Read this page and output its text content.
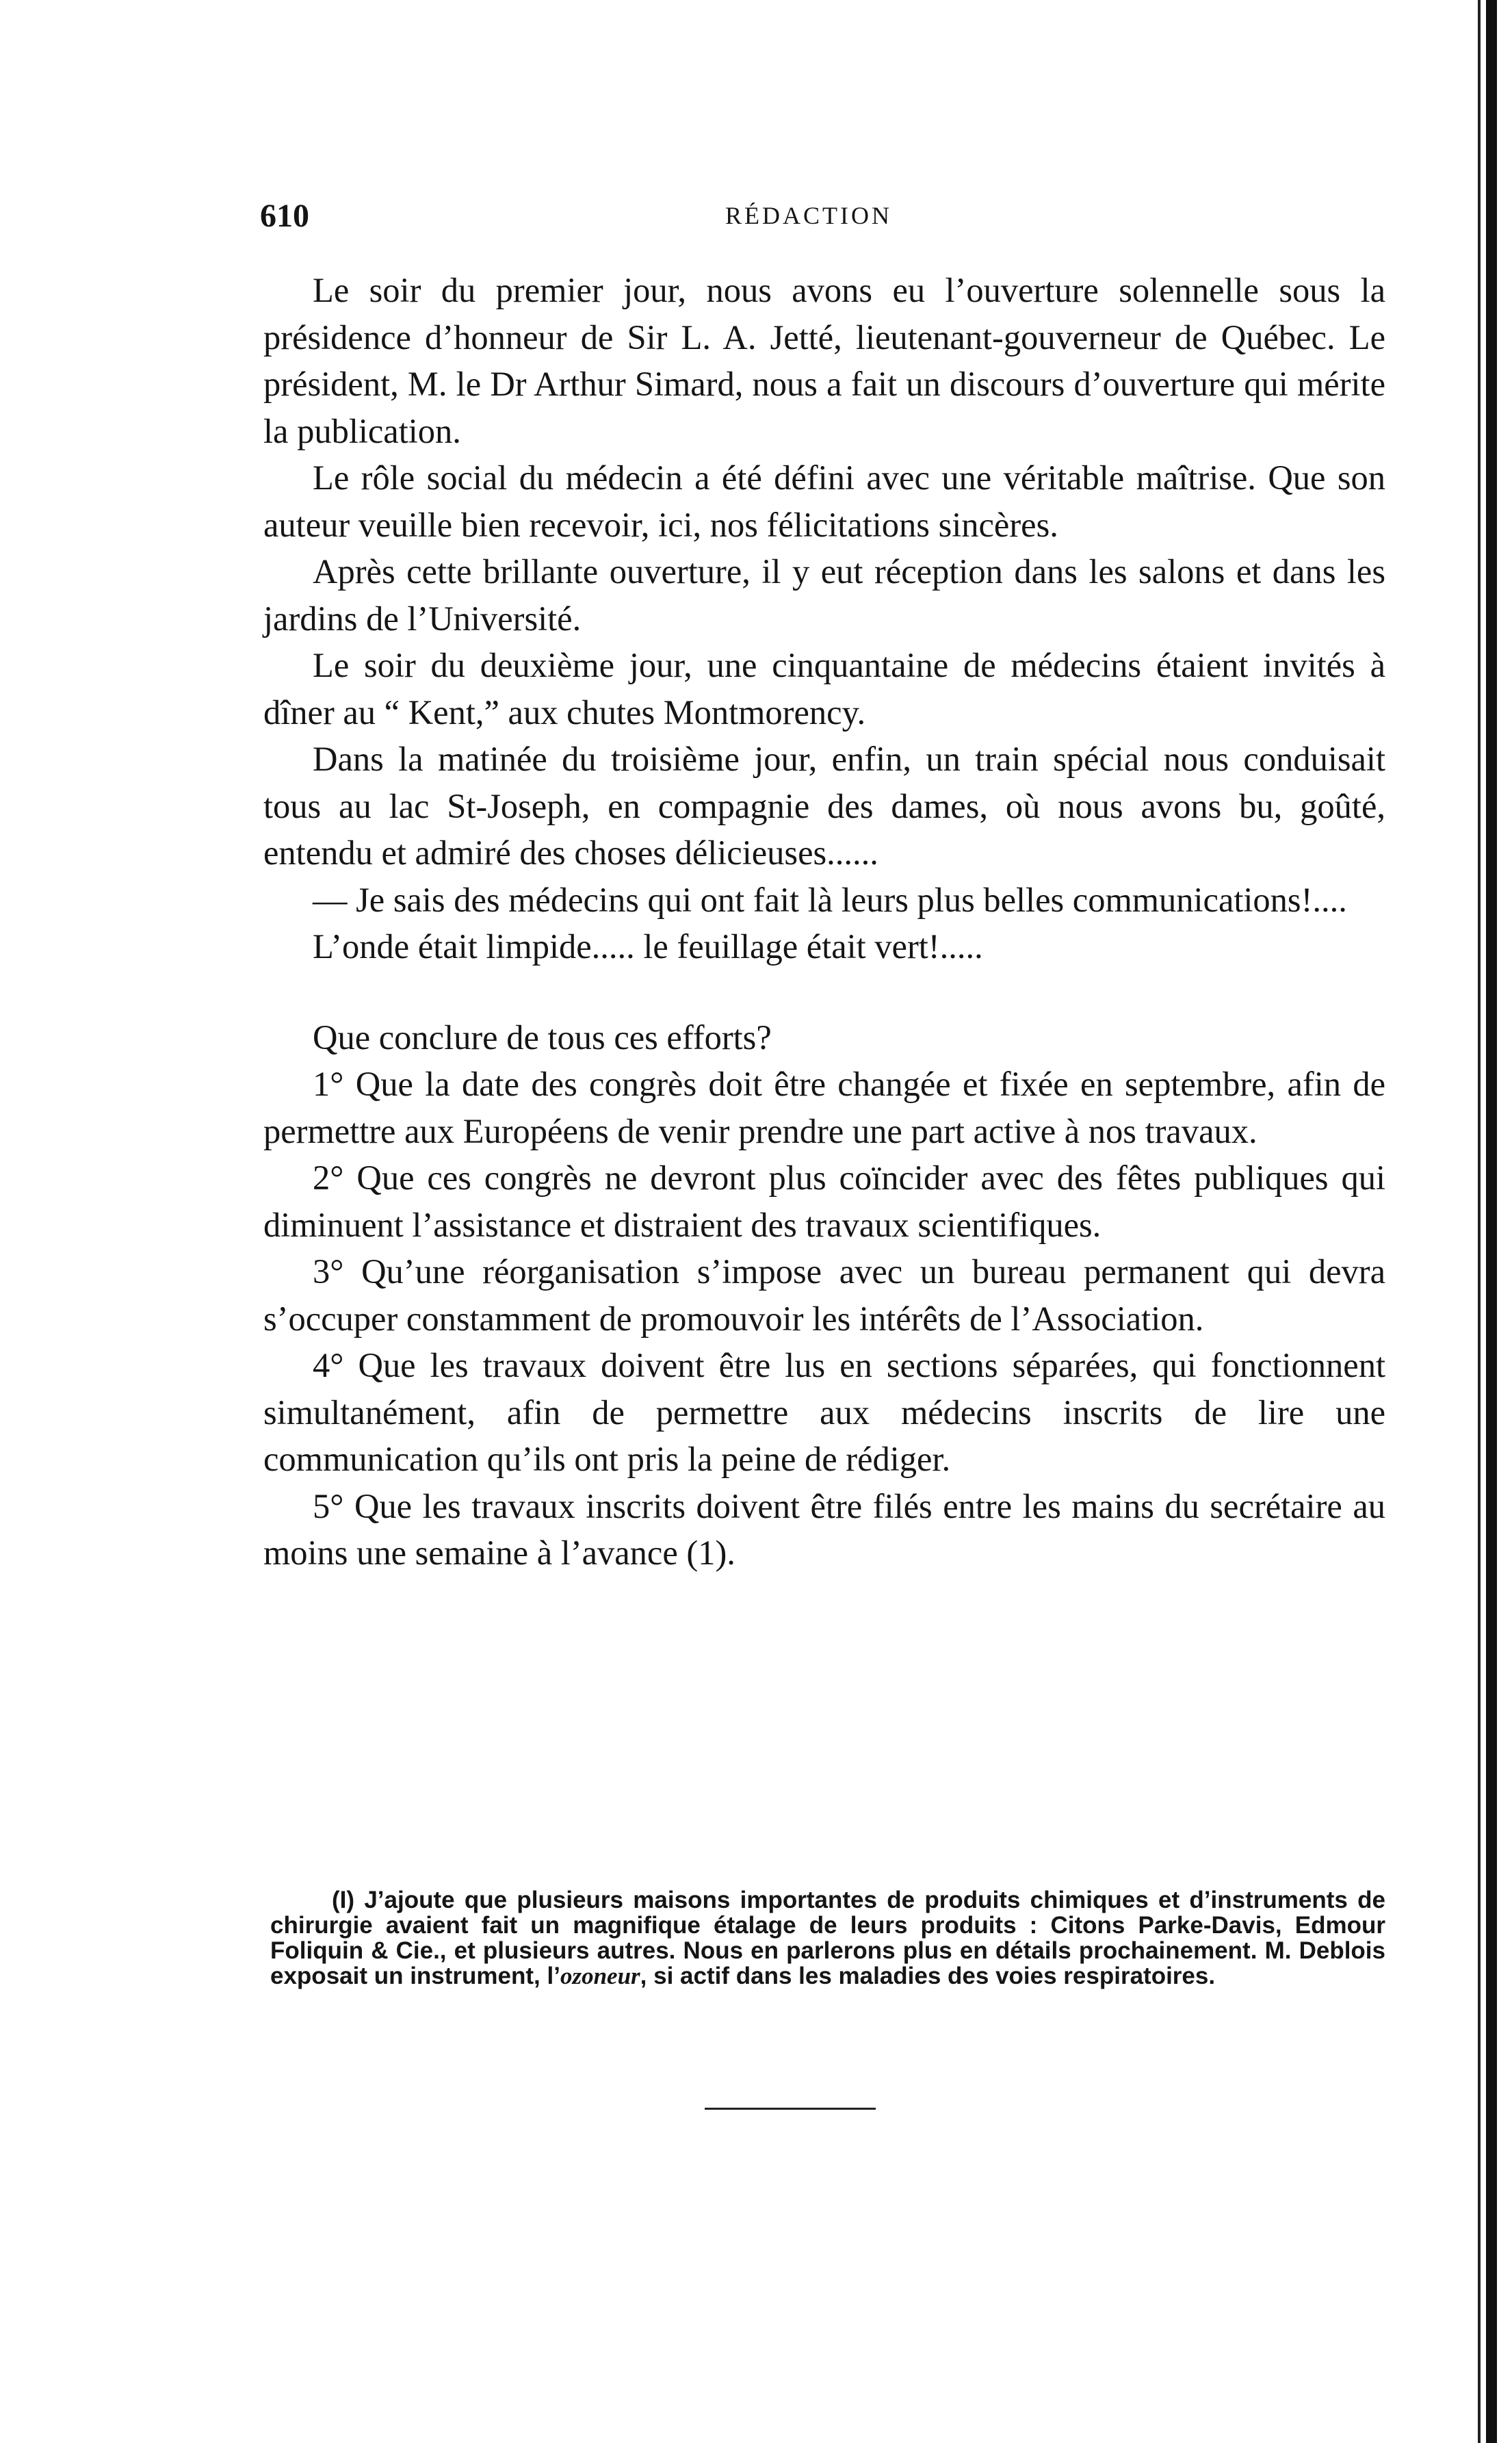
610	RÉDACTION

Le soir du premier jour, nous avons eu l’ouverture solennelle sous la présidence d’honneur de Sir L. A. Jetté, lieutenant-gouverneur de Québec. Le président, M. le Dr Arthur Simard, nous a fait un discours d’ouverture qui mérite la publication.

Le rôle social du médecin a été défini avec une véritable maîtrise. Que son auteur veuille bien recevoir, ici, nos félicitations sincères.

Après cette brillante ouverture, il y eut réception dans les salons et dans les jardins de l’Université.

Le soir du deuxième jour, une cinquantaine de médecins étaient invités à dîner au “ Kent,” aux chutes Montmorency.

Dans la matinée du troisième jour, enfin, un train spécial nous conduisait tous au lac St-Joseph, en compagnie des dames, où nous avons bu, goûté, entendu et admiré des choses délicieuses......

— Je sais des médecins qui ont fait là leurs plus belles communications!....

L’onde était limpide..... le feuillage était vert!.....

Que conclure de tous ces efforts?

1° Que la date des congrès doit être changée et fixée en septembre, afin de permettre aux Européens de venir prendre une part active à nos travaux.

2° Que ces congrès ne devront plus coïncider avec des fêtes publiques qui diminuent l’assistance et distraient des travaux scientifiques.

3° Qu’une réorganisation s’impose avec un bureau permanent qui devra s’occuper constamment de promouvoir les intérêts de l’Association.

4° Que les travaux doivent être lus en sections séparées, qui fonctionnent simultanément, afin de permettre aux médecins inscrits de lire une communication qu’ils ont pris la peine de rédiger.

5° Que les travaux inscrits doivent être filés entre les mains du secrétaire au moins une semaine à l’avance (1).

(I) J’ajoute que plusieurs maisons importantes de produits chimiques et d’instruments de chirurgie avaient fait un magnifique étalage de leurs produits : Citons Parke-Davis, Edmour Foliquin & Cie., et plusieurs autres. Nous en parlerons plus en détails prochainement. M. Deblois exposait un instrument, l’ozoneur, si actif dans les maladies des voies respiratoires.
